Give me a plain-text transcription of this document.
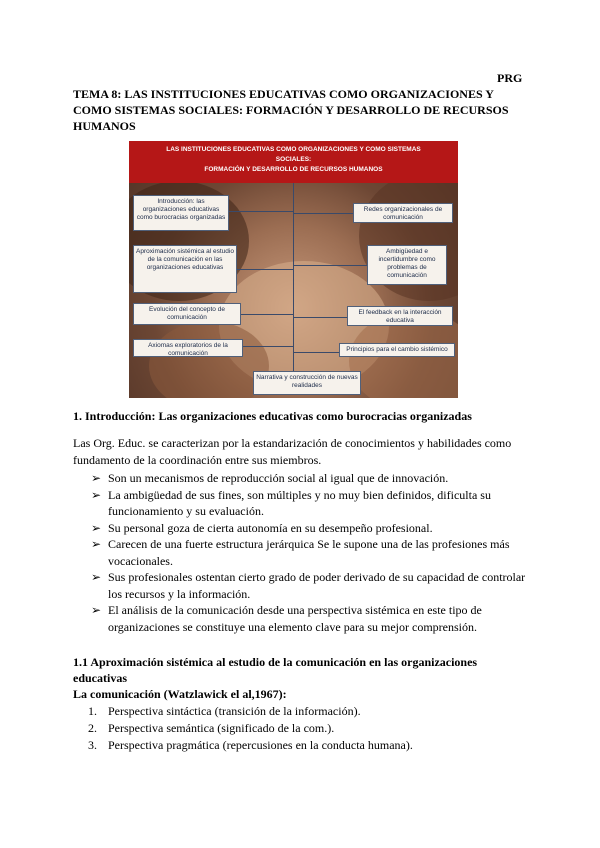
PRG
TEMA 8: LAS INSTITUCIONES EDUCATIVAS COMO ORGANIZACIONES Y COMO SISTEMAS SOCIALES: FORMACIÓN Y DESARROLLO DE RECURSOS HUMANOS
LAS INSTITUCIONES EDUCATIVAS COMO ORGANIZACIONES Y COMO SISTEMAS
SOCIALES:
FORMACIÓN Y DESARROLLO DE RECURSOS HUMANOS
Introducción: las organizaciones educativas como burocracias organizadas
Aproximación sistémica al estudio de la comunicación en las organizaciones educativas
Evolución del concepto de comunicación
Axiomas exploratorios de la comunicación
Redes organizacionales de comunicación
Ambigüedad e incertidumbre como problemas de comunicación
El feedback en la interacción educativa
Principios para el cambio sistémico
Narrativa y construcción de nuevas realidades
1. Introducción: Las organizaciones educativas como burocracias organizadas
Las Org. Educ. se caracterizan por la estandarización de conocimientos y habilidades como fundamento de la coordinación entre sus miembros.
➢ Son un mecanismos de reproducción social al igual que de innovación.
➢ La ambigüedad de sus fines, son múltiples y no muy bien definidos, dificulta su funcionamiento y su evaluación.
➢ Su personal goza de cierta autonomía en su desempeño profesional.
➢ Carecen de una fuerte estructura jerárquica Se le supone una de las profesiones más vocacionales.
➢ Sus profesionales ostentan cierto grado de poder derivado de su capacidad de controlar los recursos y la información.
➢ El análisis de la comunicación desde una perspectiva sistémica en este tipo de organizaciones se constituye una elemento clave para su mejor comprensión.
1.1 Aproximación sistémica al estudio de la comunicación en las organizaciones educativas
La comunicación (Watzlawick el al,1967):
1. Perspectiva sintáctica (transición de la información).
2. Perspectiva semántica (significado de la com.).
3. Perspectiva pragmática (repercusiones en la conducta humana).
